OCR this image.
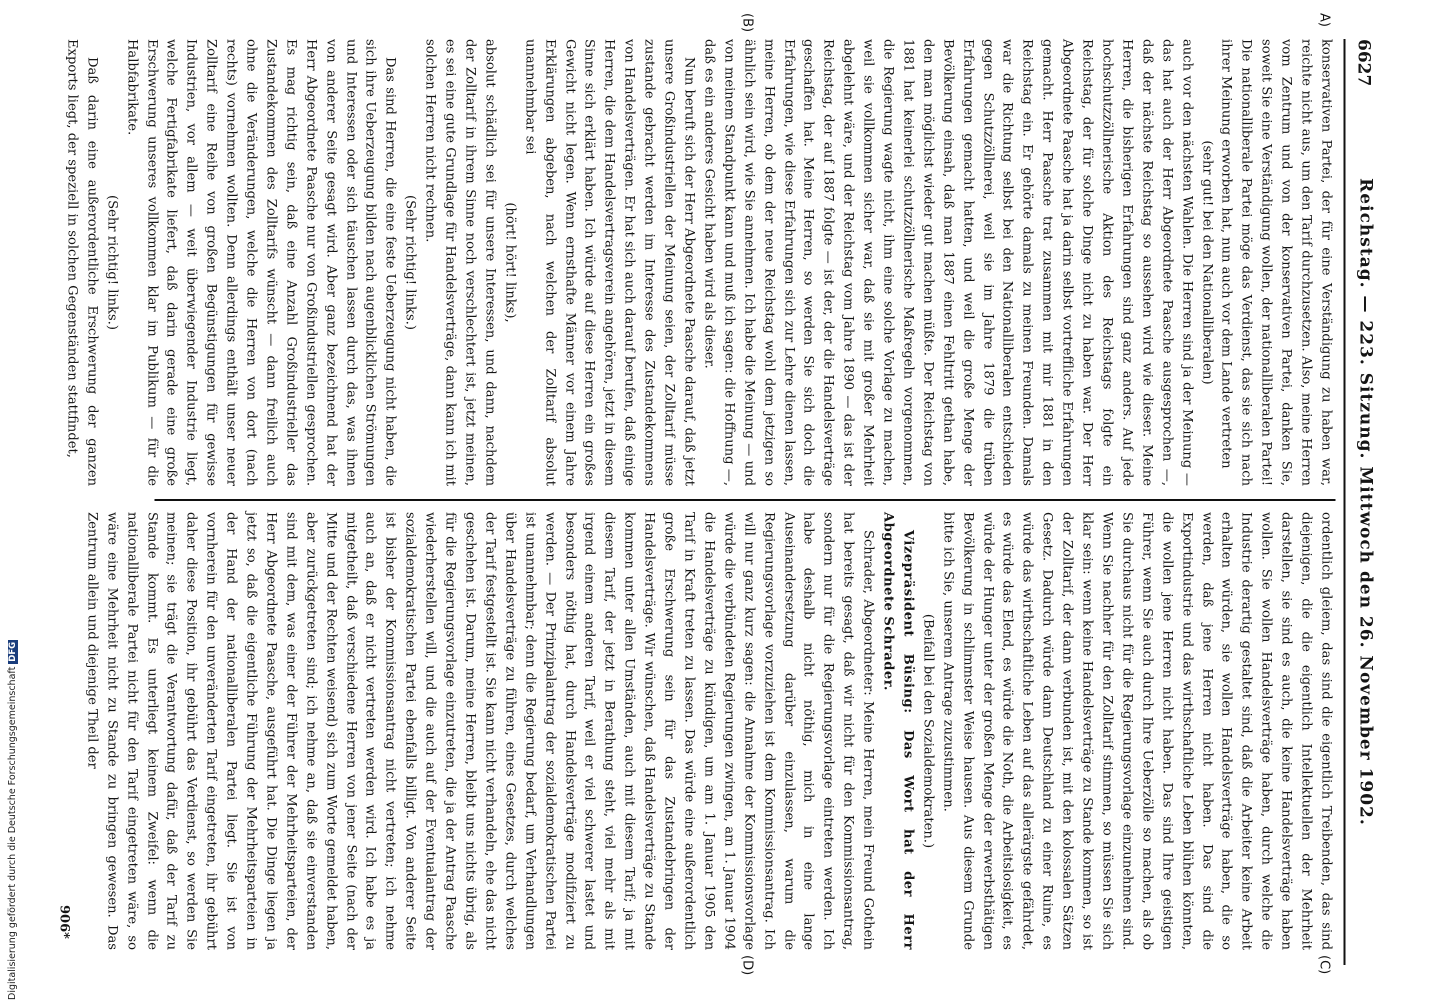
6627
Reichstag. — 223. Sitzung. Mittwoch den 26. November 1902.
(C)
(D)
A)
(B)

konservativen Partei, der für eine Verständigung zu haben war, reichte nicht aus, um den Tarif durchzusetzen. Also, meine Herren vom Zentrum und von der konservativen Partei, danken Sie, soweit Sie eine Verständigung wollen, der nationalliberalen Partei! Die nationalliberale Partei möge das Verdienst, das sie sich nach ihrer Meinung erworben hat, nun auch vor dem Lande vertreten

(sehr gut! bei den Nationalliberalen)

auch vor den nächsten Wahlen. Die Herren sind ja der Meinung — das hat auch der Herr Abgeordnete Paasche ausgesprochen —, daß der nächste Reichstag so aussehen wird wie dieser. Meine Herren, die bisherigen Erfahrungen sind ganz anders. Auf jede hochschutzzöllnerische Aktion des Reichstags folgte ein Reichstag, der für solche Dinge nicht zu haben war. Der Herr Abgeordnete Paasche hat ja darin selbst vortreffliche Erfahrungen gemacht. Herr Paasche trat zusammen mit mir 1881 in den Reichstag ein. Er gehörte damals zu meinen Freunden. Damals war die Richtung selbst bei den Nationalliberalen entschieden gegen Schutzzöllnerei, weil sie im Jahre 1879 die trüben Erfahrungen gemacht hatten, und weil die große Menge der Bevölkerung einsah, daß man 1887 einen Fehltritt gethan habe, den man möglichst wieder gut machen müßte. Der Reichstag von 1881 hat keinerlei schutzzöllnerische Maßregeln vorgenommen, die Regierung wagte nicht, ihm eine solche Vorlage zu machen, weil sie vollkommen sicher war, daß sie mit großer Mehrheit abgelehnt wäre, und der Reichstag vom Jahre 1890 — das ist der Reichstag, der auf 1887 folgte — ist der, der die Handelsverträge geschaffen hat. Meine Herren, so werden Sie sich doch die Erfahrungen, wie diese Erfahrungen sich zur Lehre dienen lassen, meine Herren, ob dem der neue Reichstag wohl dem jetzigen so ähnlich sein wird, wie Sie annehmen. Ich habe die Meinung — und von meinem Standpunkt kann und muß ich sagen: die Hoffnung —, daß es ein anderes Gesicht haben wird als dieser.

Nun beruft sich der Herr Abgeordnete Paasche darauf, daß jetzt unsere Großindustriellen der Meinung seien, der Zolltarif müsse zustande gebracht werden im Interesse des Zustandekommens von Handelsverträgen. Er hat sich auch darauf berufen, daß einige Herren, die dem Handelsvertragsverein angehören, jetzt in diesem Sinne sich erklärt haben. Ich würde auf diese Herren ein großes Gewicht nicht legen. Wenn ernsthafte Männer vor einem Jahre Erklärungen abgeben, nach welchen der Zolltarif absolut unannehmbar sei

(hört! hört! links),

absolut schädlich sei für unsere Interessen, und dann, nachdem der Zolltarif in ihrem Sinne noch verschlechtert ist, jetzt meinen, es sei eine gute Grundlage für Handelsverträge, dann kann ich mit solchen Herren nicht rechnen.

(Sehr richtig! links.)

Das sind Herren, die eine feste Ueberzeugung nicht haben, die sich ihre Ueberzeugung bilden nach augenblicklichen Strömungen und Interessen oder sich täuschen lassen durch das, was ihnen von anderer Seite gesagt wird. Aber ganz bezeichnend hat der Herr Abgeordnete Paasche nur von Großindustriellen gesprochen. Es mag richtig sein, daß eine Anzahl Großindustrieller das Zustandekommen des Zolltarifs wünscht — dann freilich auch ohne die Veränderungen, welche die Herren von dort (nach rechts) vornehmen wollten. Denn allerdings enthält unser neuer Zolltarif eine Reihe von großen Begünstigungen für gewisse Industrien, vor allem — weit überwiegender Industrie liegt, welche Fertigfabrikate liefert, daß darin gerade eine große Erschwerung unseres vollkommen klar im Publikum — für die Halbfabrikate.

(Sehr richtig! links.)

Daß darin eine außerordentliche Erschwerung der ganzen Exports liegt, der speziell in solchen Gegenständen stattfindet,

ordentlich gleiem, das sind die eigentlich Treibenden, das sind diejenigen, die die eigentlich Intellektuellen der Mehrheit darstellen, sie sind es auch, die keine Handelsverträge haben wollen. Sie wollen Handelsverträge haben, durch welche die Industrie derartig gestaltet sind, daß die Arbeiter keine Arbeit erhalten würden, sie wollen Handelsverträge haben, die so werden, daß jene Herren nicht haben. Das sind die Exportindustrie und das wirthschaftliche Leben blühen könnten, die wollen jene Herren nicht haben. Das sind Ihre geistigen Führer, wenn Sie auch durch Ihre Ueberzölle so machen, als ob Sie durchaus nicht für die Regierungsvorlage einzunehmen sind. Wenn Sie nachher für den Zolltarif stimmen, so müssen Sie sich klar sein: wenn keine Handelsverträge zu Stande kommen, so ist der Zolltarif, der dann verbunden ist, mit den kolossalen Sätzen Gesetz. Dadurch würde dann Deutschland zu einer Ruine, es würde das wirthschaftliche Leben auf das allerärgste gefährdet, es würde das Elend, es würde die Noth, die Arbeitslosigkeit, es würde der Hunger unter der großen Menge der erwerbsthätigen Bevölkerung in schlimmster Weise hausen. Aus diesem Grunde bitte ich Sie, unserem Antrage zuzustimmen.

(Beifall bei den Sozialdemokraten.)

Vizepräsident Büsing: Das Wort hat der Herr Abgeordnete Schrader.

Schrader, Abgeordneter: Meine Herren, mein Freund Gothein hat bereits gesagt, daß wir nicht für den Kommissionsantrag, sondern nur für die Regierungsvorlage eintreten werden. Ich habe deshalb nicht nöthig, mich in eine lange Auseinandersetzung darüber einzulassen, warum die Regierungsvorlage vorzuziehen ist dem Kommissionsantrag. Ich will nur ganz kurz sagen: die Annahme der Kommissionsvorlage würde die verbündeten Regierungen zwingen, am 1. Januar 1904 die Handelsverträge zu kündigen, um am 1. Januar 1905 den Tarif in Kraft treten zu lassen. Das würde eine außerordentlich große Erschwerung sein für das Zustandebringen der Handelsverträge. Wir wünschen, daß Handelsverträge zu Stande kommen unter allen Umständen, auch mit diesem Tarif; ja mit diesem Tarif, der jetzt in Berathung steht, viel mehr als mit irgend einem anderen Tarif, weil er viel schwerer lastet und besonders nöthig hat, durch Handelsverträge modifiziert zu werden. — Der Prinzipalantrag der sozialdemokratischen Partei ist unannehmbar; denn die Regierung bedarf, um Verhandlungen über Handelsverträge zu führen, eines Gesetzes, durch welches der Tarif festgestellt ist. Sie kann nicht verhandeln, ehe das nicht geschehen ist. Darum, meine Herren, bleibt uns nichts übrig, als für die Regierungsvorlage einzutreten, die ja der Antrag Paasche wiederherstellen will, und die auch auf der Eventualantrag der sozialdemokratischen Partei ebenfalls billigt. Von anderer Seite ist bisher der Kommissionsantrag nicht vertreten; ich nehme auch an, daß er nicht vertreten werden wird. Ich habe es ja mitgetheilt, daß verschiedene Herren von jener Seite (nach der Mitte und der Rechten weisend) sich zum Worte gemeldet haben, aber zurückgetreten sind; ich nehme an, daß sie einverstanden sind mit dem, was einer der Führer der Mehrheitsparteien, der Herr Abgeordnete Paasche, ausgeführt hat. Die Dinge liegen ja jetzt so, daß die eigentliche Führung der Mehrheitsparteien in der Hand der nationalliberalen Partei liegt. Sie ist von vornherein für den unveränderten Tarif eingetreten, ihr gebührt daher diese Position, ihr gebührt das Verdienst, so werden Sie meinen; sie trägt die Verantwortung dafür, daß der Tarif zu Stande kommt. Es unterliegt keinem Zweifel: wenn die nationalliberale Partei nicht für den Tarif eingetreten wäre, so wäre eine Mehrheit nicht zu Stande zu bringen gewesen. Das Zentrum allein und diejenige Theil der

906*
Digitalisierung gefördert durch die Deutsche ForschungsgemeinschaftDFG
